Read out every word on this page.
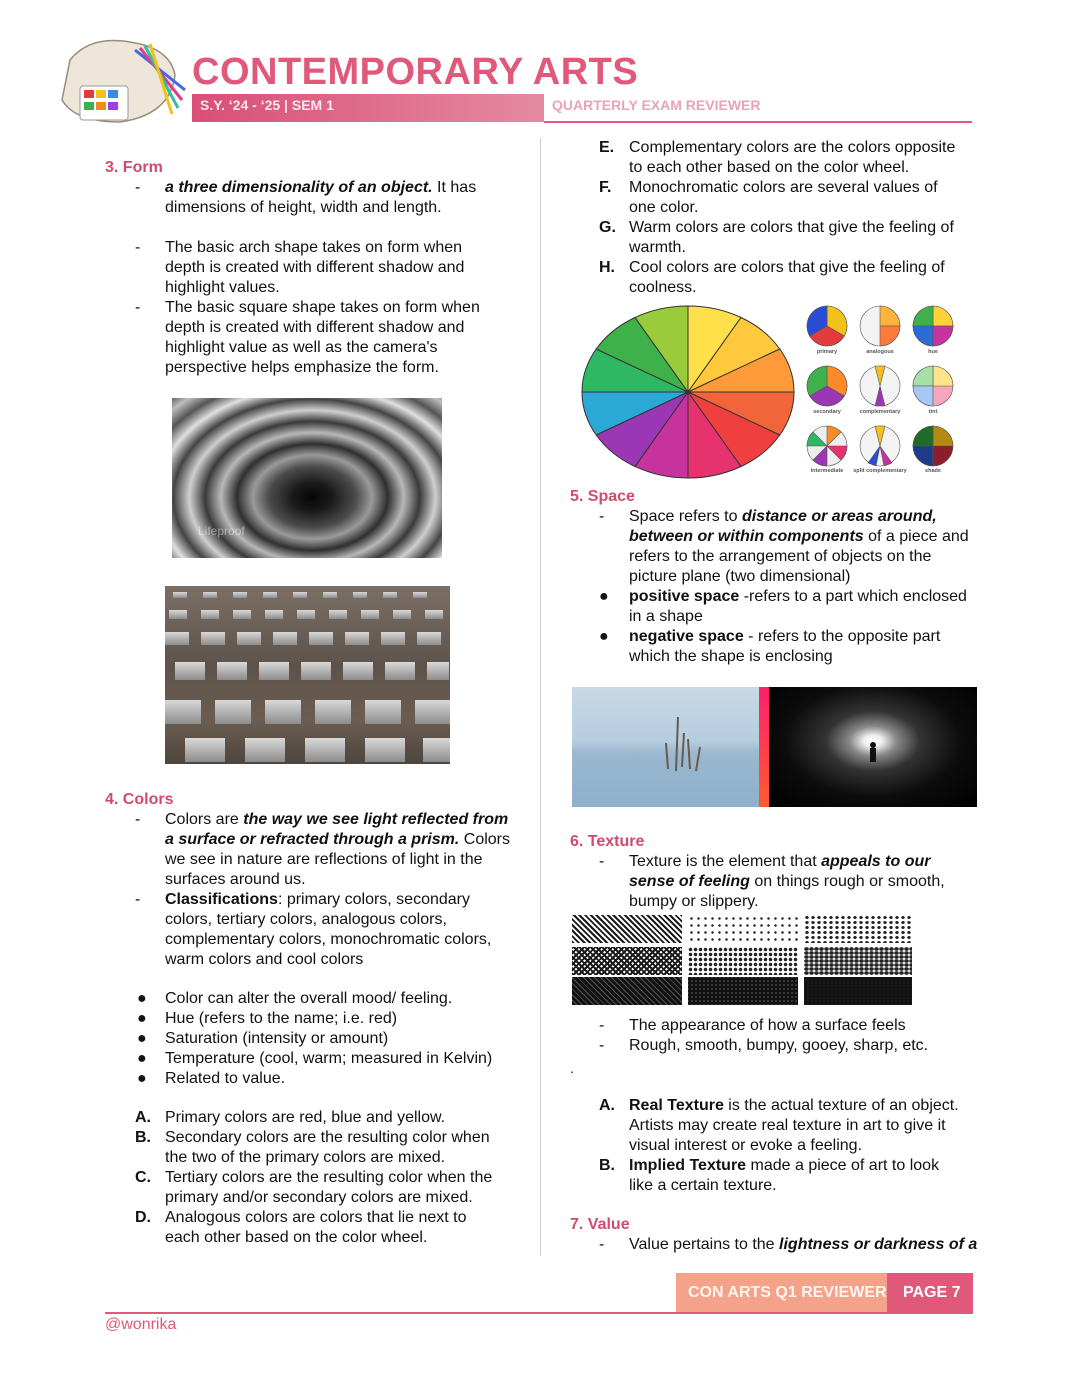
CONTEMPORARY ARTS
S.Y. ‘24 - ‘25 | SEM 1	QUARTERLY EXAM REVIEWER
3. Form
- a three dimensionality of an object. It has
dimensions of height, width and length.
- The basic arch shape takes on form when
depth is created with different shadow and
highlight values.
- The basic square shape takes on form when
depth is created with different shadow and
highlight value as well as the camera's
perspective helps emphasize the form.
Lifeproof
4. Colors
- Colors are the way we see light reflected from
a surface or refracted through a prism. Colors
we see in nature are reflections of light in the
surfaces around us.
- Classifications: primary colors, secondary
colors, tertiary colors, analogous colors,
complementary colors, monochromatic colors,
warm colors and cool colors
● Color can alter the overall mood/ feeling.
● Hue (refers to the name; i.e. red)
● Saturation (intensity or amount)
● Temperature (cool, warm; measured in Kelvin)
● Related to value.
A. Primary colors are red, blue and yellow.
B. Secondary colors are the resulting color when
the two of the primary colors are mixed.
C. Tertiary colors are the resulting color when the
primary and/or secondary colors are mixed.
D. Analogous colors are colors that lie next to
each other based on the color wheel.
E. Complementary colors are the colors opposite
to each other based on the color wheel.
F. Monochromatic colors are several values of
one color.
G. Warm colors are colors that give the feeling of
warmth.
H. Cool colors are colors that give the feeling of
coolness.
primary	analogous	hue
secondary	complementary	tint
intermediate split complementary	shade
5. Space
- Space refers to distance or areas around,
between or within components of a piece and
refers to the arrangement of objects on the
picture plane (two dimensional)
● positive space -refers to a part which enclosed
in a shape
● negative space - refers to the opposite part
which the shape is enclosing
6. Texture
- Texture is the element that appeals to our
sense of feeling on things rough or smooth,
bumpy or slippery.
- The appearance of how a surface feels
- Rough, smooth, bumpy, gooey, sharp, etc.
.
A. Real Texture is the actual texture of an object.
Artists may create real texture in art to give it
visual interest or evoke a feeling.
B. Implied Texture made a piece of art to look
like a certain texture.
7. Value
- Value pertains to the lightness or darkness of a
CON ARTS Q1 REVIEWER PAGE 7
@wonrika
